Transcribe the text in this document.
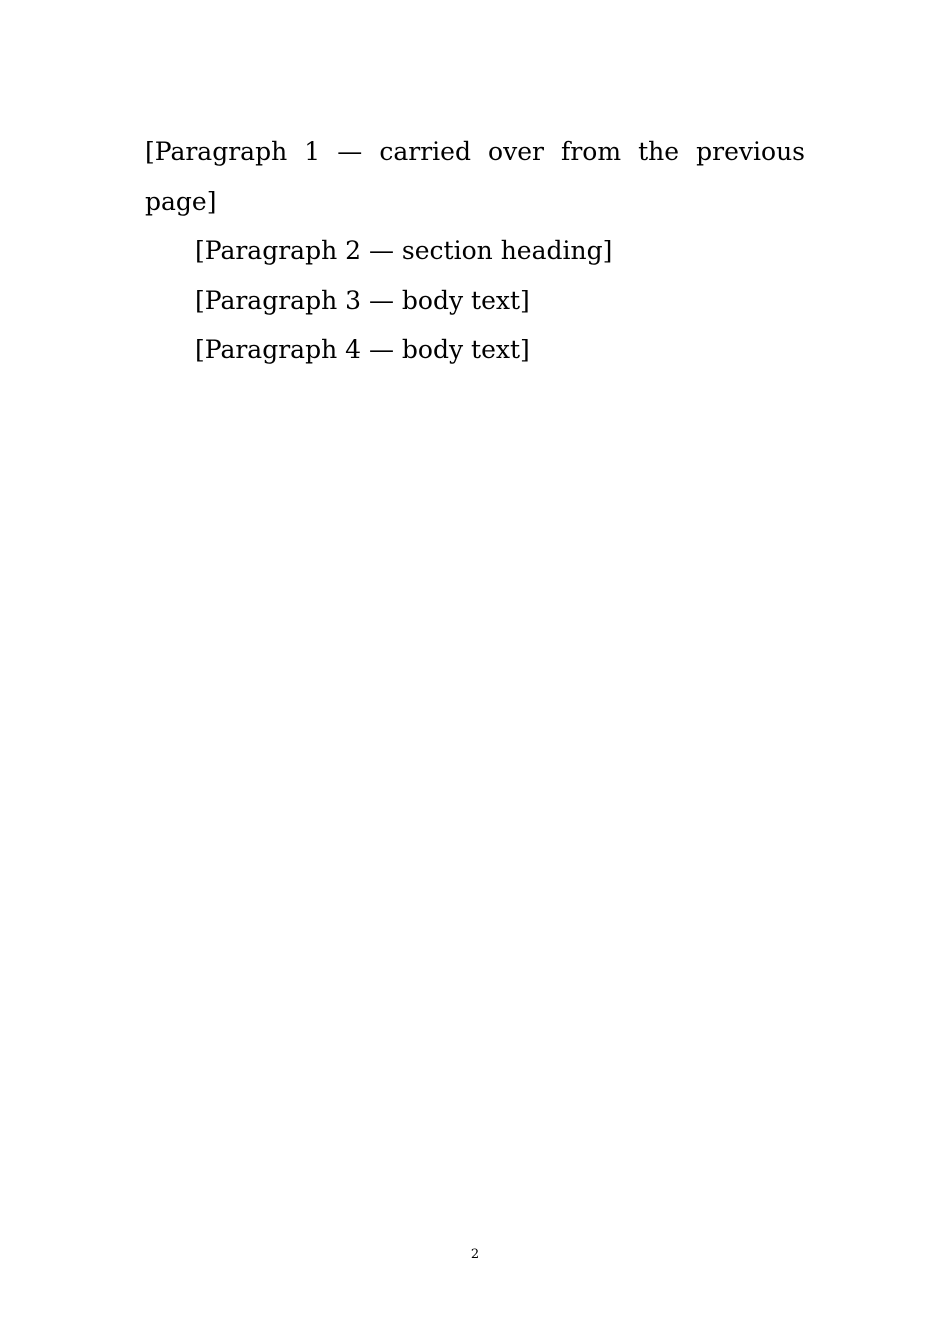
[Paragraph 1 — carried over from the previous page]

[Paragraph 2 — section heading]

[Paragraph 3 — body text]

[Paragraph 4 — body text]

2
